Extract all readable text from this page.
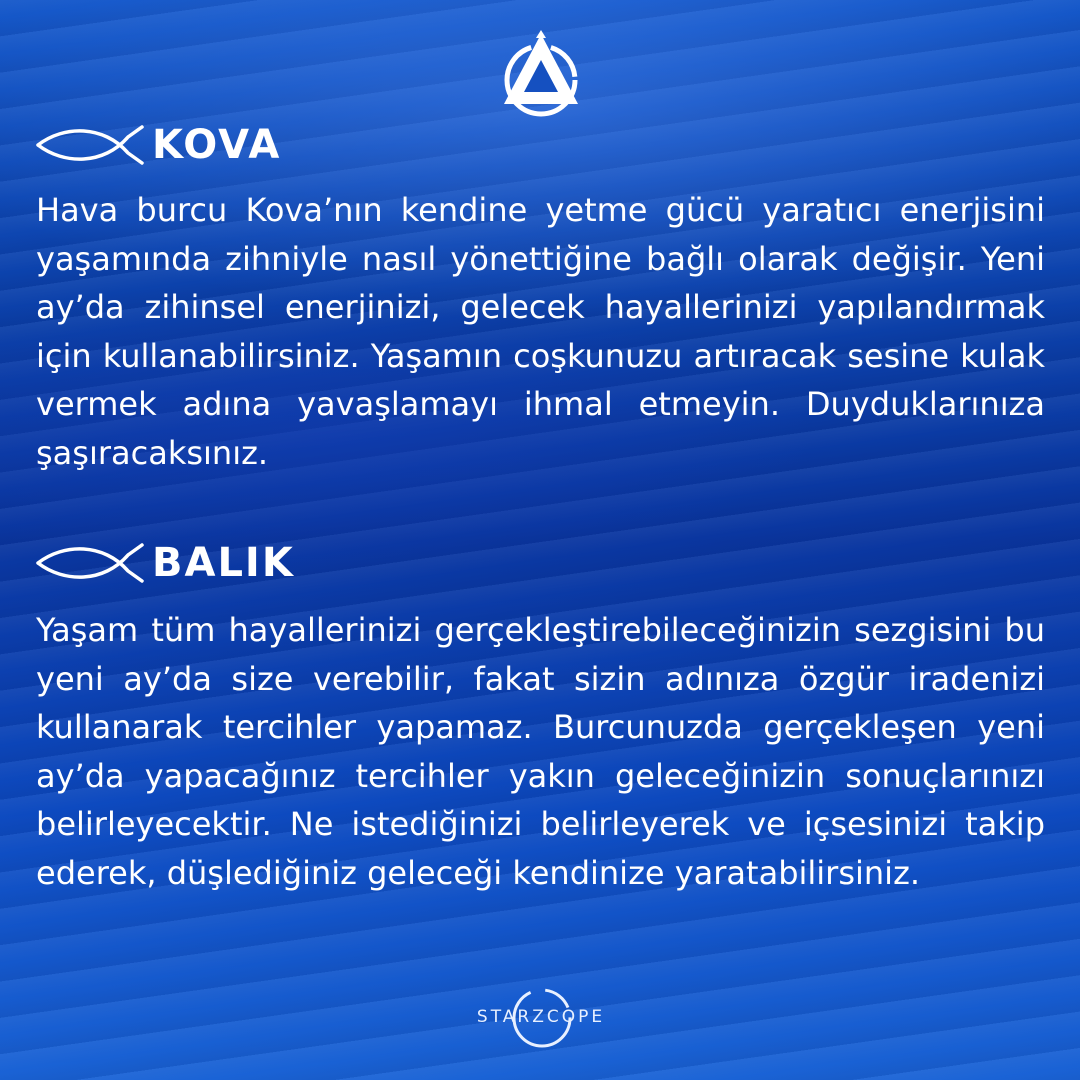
KOVA

Hava burcu Kova’nın kendine yetme gücü yaratıcı enerjisini yaşamında zihniyle nasıl yönettiğine bağlı olarak değişir. Yeni ay’da zihinsel enerjinizi, gelecek hayallerinizi yapılandırmak için kullanabilirsiniz. Yaşamın coşkunuzu artıracak sesine kulak vermek adına yavaşlamayı ihmal etmeyin. Duyduklarınıza şaşıracaksınız.

BALIK

Yaşam tüm hayallerinizi gerçekleştirebileceğinizin sezgisini bu yeni ay’da size verebilir, fakat sizin adınıza özgür iradenizi kullanarak tercihler yapamaz. Burcunuzda gerçekleşen yeni ay’da yapacağınız tercihler yakın geleceğinizin sonuçlarınızı belirleyecektir. Ne istediğinizi belirleyerek ve içsesinizi takip ederek, düşlediğiniz geleceği kendinize yaratabilirsiniz.

STARZCOPE
